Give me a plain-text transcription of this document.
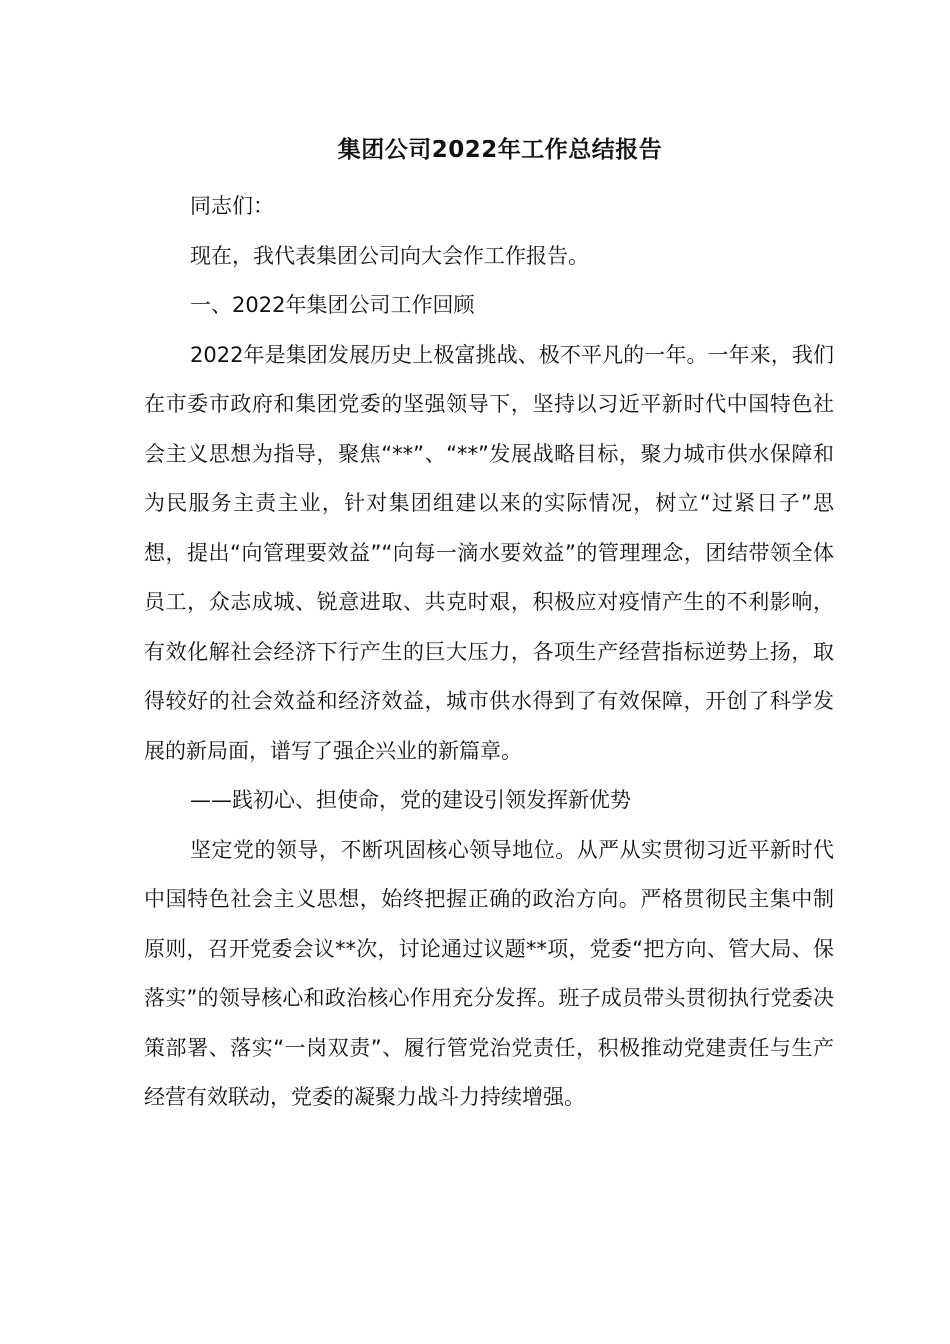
集团公司2022年工作总结报告

同志们：

现在，我代表集团公司向大会作工作报告。

一、2022年集团公司工作回顾

2022年是集团发展历史上极富挑战、极不平凡的一年。一年来，我们在市委市政府和集团党委的坚强领导下，坚持以习近平新时代中国特色社会主义思想为指导，聚焦“**”、“**”发展战略目标，聚力城市供水保障和为民服务主责主业，针对集团组建以来的实际情况，树立“过紧日子”思想，提出“向管理要效益”“向每一滴水要效益”的管理理念，团结带领全体员工，众志成城、锐意进取、共克时艰，积极应对疫情产生的不利影响，有效化解社会经济下行产生的巨大压力，各项生产经营指标逆势上扬，取得较好的社会效益和经济效益，城市供水得到了有效保障，开创了科学发展的新局面，谱写了强企兴业的新篇章。

——践初心、担使命，党的建设引领发挥新优势

坚定党的领导，不断巩固核心领导地位。从严从实贯彻习近平新时代中国特色社会主义思想，始终把握正确的政治方向。严格贯彻民主集中制原则，召开党委会议**次，讨论通过议题**项，党委“把方向、管大局、保落实”的领导核心和政治核心作用充分发挥。班子成员带头贯彻执行党委决策部署、落实“一岗双责”、履行管党治党责任，积极推动党建责任与生产经营有效联动，党委的凝聚力战斗力持续增强。
